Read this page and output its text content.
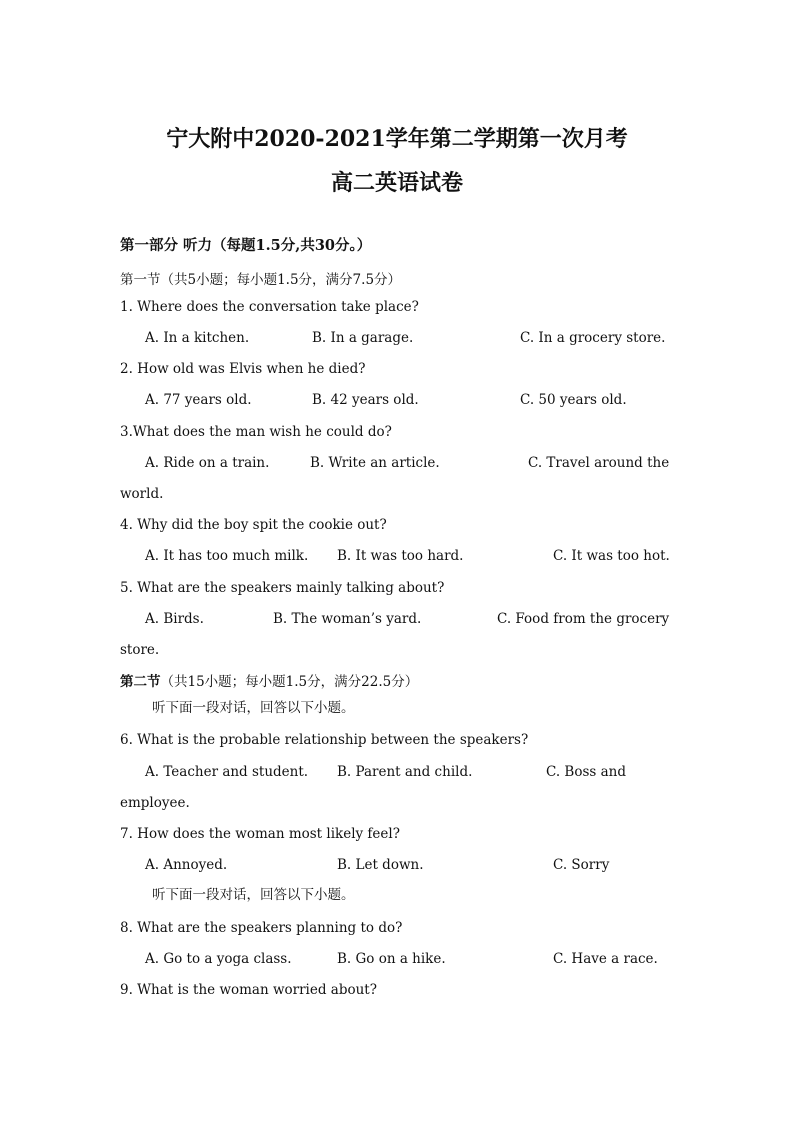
宁大附中2020-2021学年第二学期第一次月考
高二英语试卷
第一部分 听力（每题1.5分,共30分。）
第一节（共5小题；每小题1.5分，满分7.5分）
1. Where does the conversation take place?
A. In a kitchen.	B. In a garage.	C. In a grocery store.
2. How old was Elvis when he died?
A. 77 years old.	B. 42 years old.	C. 50 years old.
3.What does the man wish he could do?
A. Ride on a train.	B. Write an article.	C. Travel around the
world.
4. Why did the boy spit the cookie out?
A. It has too much milk. B. It was too hard.	C. It was too hot.
5. What are the speakers mainly talking about?
A. Birds.	B. The woman’s yard.	C. Food from the grocery
store.
第二节（共15小题；每小题1.5分，满分22.5分）
听下面一段对话，回答以下小题。
6. What is the probable relationship between the speakers?
A. Teacher and student. B. Parent and child.	C. Boss and
employee.
7. How does the woman most likely feel?
A. Annoyed.	B. Let down.	C. Sorry
听下面一段对话，回答以下小题。
8. What are the speakers planning to do?
A. Go to a yoga class.	B. Go on a hike.	C. Have a race.
9. What is the woman worried about?
